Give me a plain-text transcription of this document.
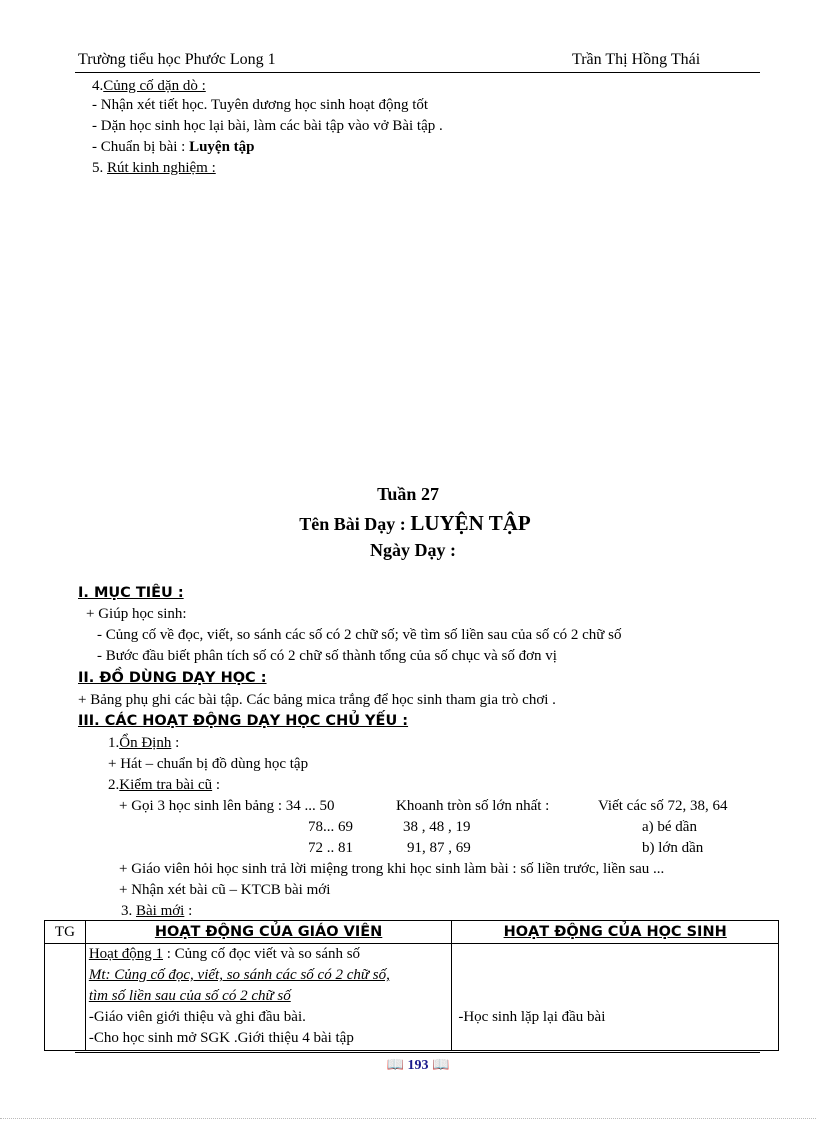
Trường tiểu học Phước Long 1	Trần Thị Hồng Thái
4.Củng cố dặn dò :
- Nhận xét tiết học. Tuyên dương học sinh hoạt động tốt
- Dặn học sinh học lại bài, làm các bài tập vào vở Bài tập .
- Chuẩn bị bài : Luyện tập
5. Rút kinh nghiệm :
Tuần 27
Tên Bài Dạy : LUYỆN TẬP
Ngày Dạy :
I. MỤC TIÊU :
+ Giúp học sinh:
- Củng cố về đọc, viết, so sánh các số có 2 chữ số; về tìm số liền sau của số có 2 chữ số
- Bước đầu biết phân tích số có 2 chữ số thành tổng của số chục và số đơn vị
II. ĐỒ DÙNG DẠY HỌC :
+ Bảng phụ ghi các bài tập. Các bảng mica trắng để học sinh tham gia trò chơi .
III. CÁC HOẠT ĐỘNG DẠY HỌC CHỦ YẾU :
1.Ổn Định :
+ Hát – chuẩn bị đồ dùng học tập
2.Kiểm tra bài cũ :
+ Gọi 3 học sinh lên bảng : 34 ... 50	Khoanh tròn số lớn nhất :	Viết các số 72, 38, 64
78... 69	38 , 48 , 19	a) bé dần
72 .. 81	91, 87 , 69	b) lớn dần
+ Giáo viên hỏi học sinh trả lời miệng trong khi học sinh làm bài : số liền trước, liền sau ...
+ Nhận xét bài cũ – KTCB bài mới
3. Bài mới :
TG	HOẠT ĐỘNG CỦA GIÁO VIÊN	HOẠT ĐỘNG CỦA HỌC SINH

	Hoạt động 1 : Củng cố đọc viết và so sánh số
Mt: Củng cố đọc, viết, so sánh các số có 2 chữ số,
tìm số liền sau của số có 2 chữ số
-Giáo viên giới thiệu và ghi đầu bài.
-Cho học sinh mở SGK .Giới thiệu 4 bài tập	-Học sinh lặp lại đầu bài
📖 193 📖
